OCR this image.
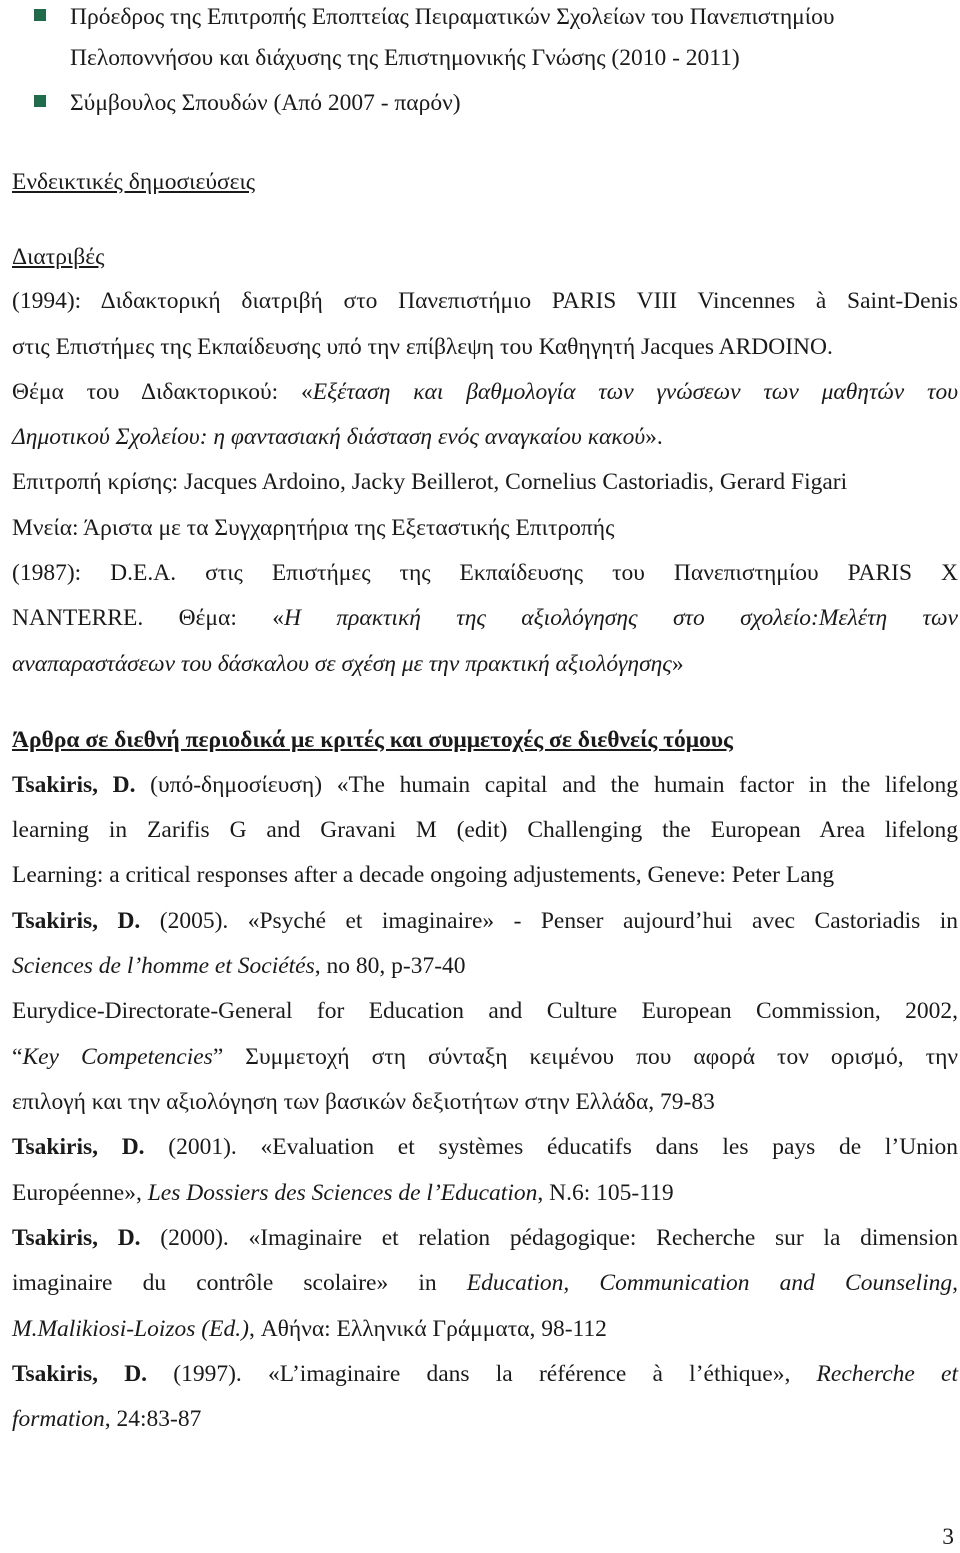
Πρόεδρος της Επιτροπής Εποπτείας Πειραματικών Σχολείων του Πανεπιστημίου
Πελοποννήσου και διάχυσης της Επιστημονικής Γνώσης (2010 - 2011)
Σύμβουλος Σπουδών (Από 2007 - παρόν)
Ενδεικτικές δημοσιεύσεις
Διατριβές
(1994): Διδακτορική διατριβή στο Πανεπιστήμιο PARIS VIII Vincennes à Saint-Denis
στις Επιστήμες της Εκπαίδευσης υπό την επίβλεψη του Καθηγητή Jacques ARDOINO.
Θέμα του Διδακτορικού: «Εξέταση και βαθμολογία των γνώσεων των μαθητών του
Δημοτικού Σχολείου: η φαντασιακή διάσταση ενός αναγκαίου κακού».
Επιτροπή κρίσης: Jacques Ardoino, Jacky Beillerot, Cornelius Castoriadis, Gerard Figari
Μνεία: Άριστα με τα Συγχαρητήρια της Εξεταστικής Επιτροπής
(1987): D.E.A. στις Επιστήμες της Εκπαίδευσης του Πανεπιστημίου PARIS X
NANTERRE. Θέμα: «Η πρακτική της αξιολόγησης στο σχολείο:Μελέτη των
αναπαραστάσεων του δάσκαλου σε σχέση με την πρακτική αξιολόγησης»
Άρθρα σε διεθνή περιοδικά με κριτές και συμμετοχές σε διεθνείς τόμους
Tsakiris, D. (υπό-δημοσίευση) «The humain capital and the humain factor in the lifelong
learning in Zarifis G and Gravani M (edit) Challenging the European Area lifelong
Learning: a critical responses after a decade ongoing adjustements, Geneve: Peter Lang
Tsakiris, D. (2005). «Psyché et imaginaire» - Penser aujourd’hui avec Castoriadis in
Sciences de l’homme et Sociétés, no 80, p-37-40
Eurydice-Directorate-General for Education and Culture European Commission, 2002,
“Key Competencies” Συμμετοχή στη σύνταξη κειμένου που αφορά τον ορισμό, την
επιλογή και την αξιολόγηση των βασικών δεξιοτήτων στην Ελλάδα, 79-83
Tsakiris, D. (2001). «Evaluation et systèmes éducatifs dans les pays de l’Union
Européenne», Les Dossiers des Sciences de l’Education, N.6: 105-119
Tsakiris, D. (2000). «Imaginaire et relation pédagogique: Recherche sur la dimension
imaginaire du contrôle scolaire» in Education, Communication and Counseling,
M.Malikiosi-Loizos (Ed.), Αθήνα: Ελληνικά Γράμματα, 98-112
Tsakiris, D. (1997). «L’imaginaire dans la référence à l’éthique», Recherche et
formation, 24:83-87
3
